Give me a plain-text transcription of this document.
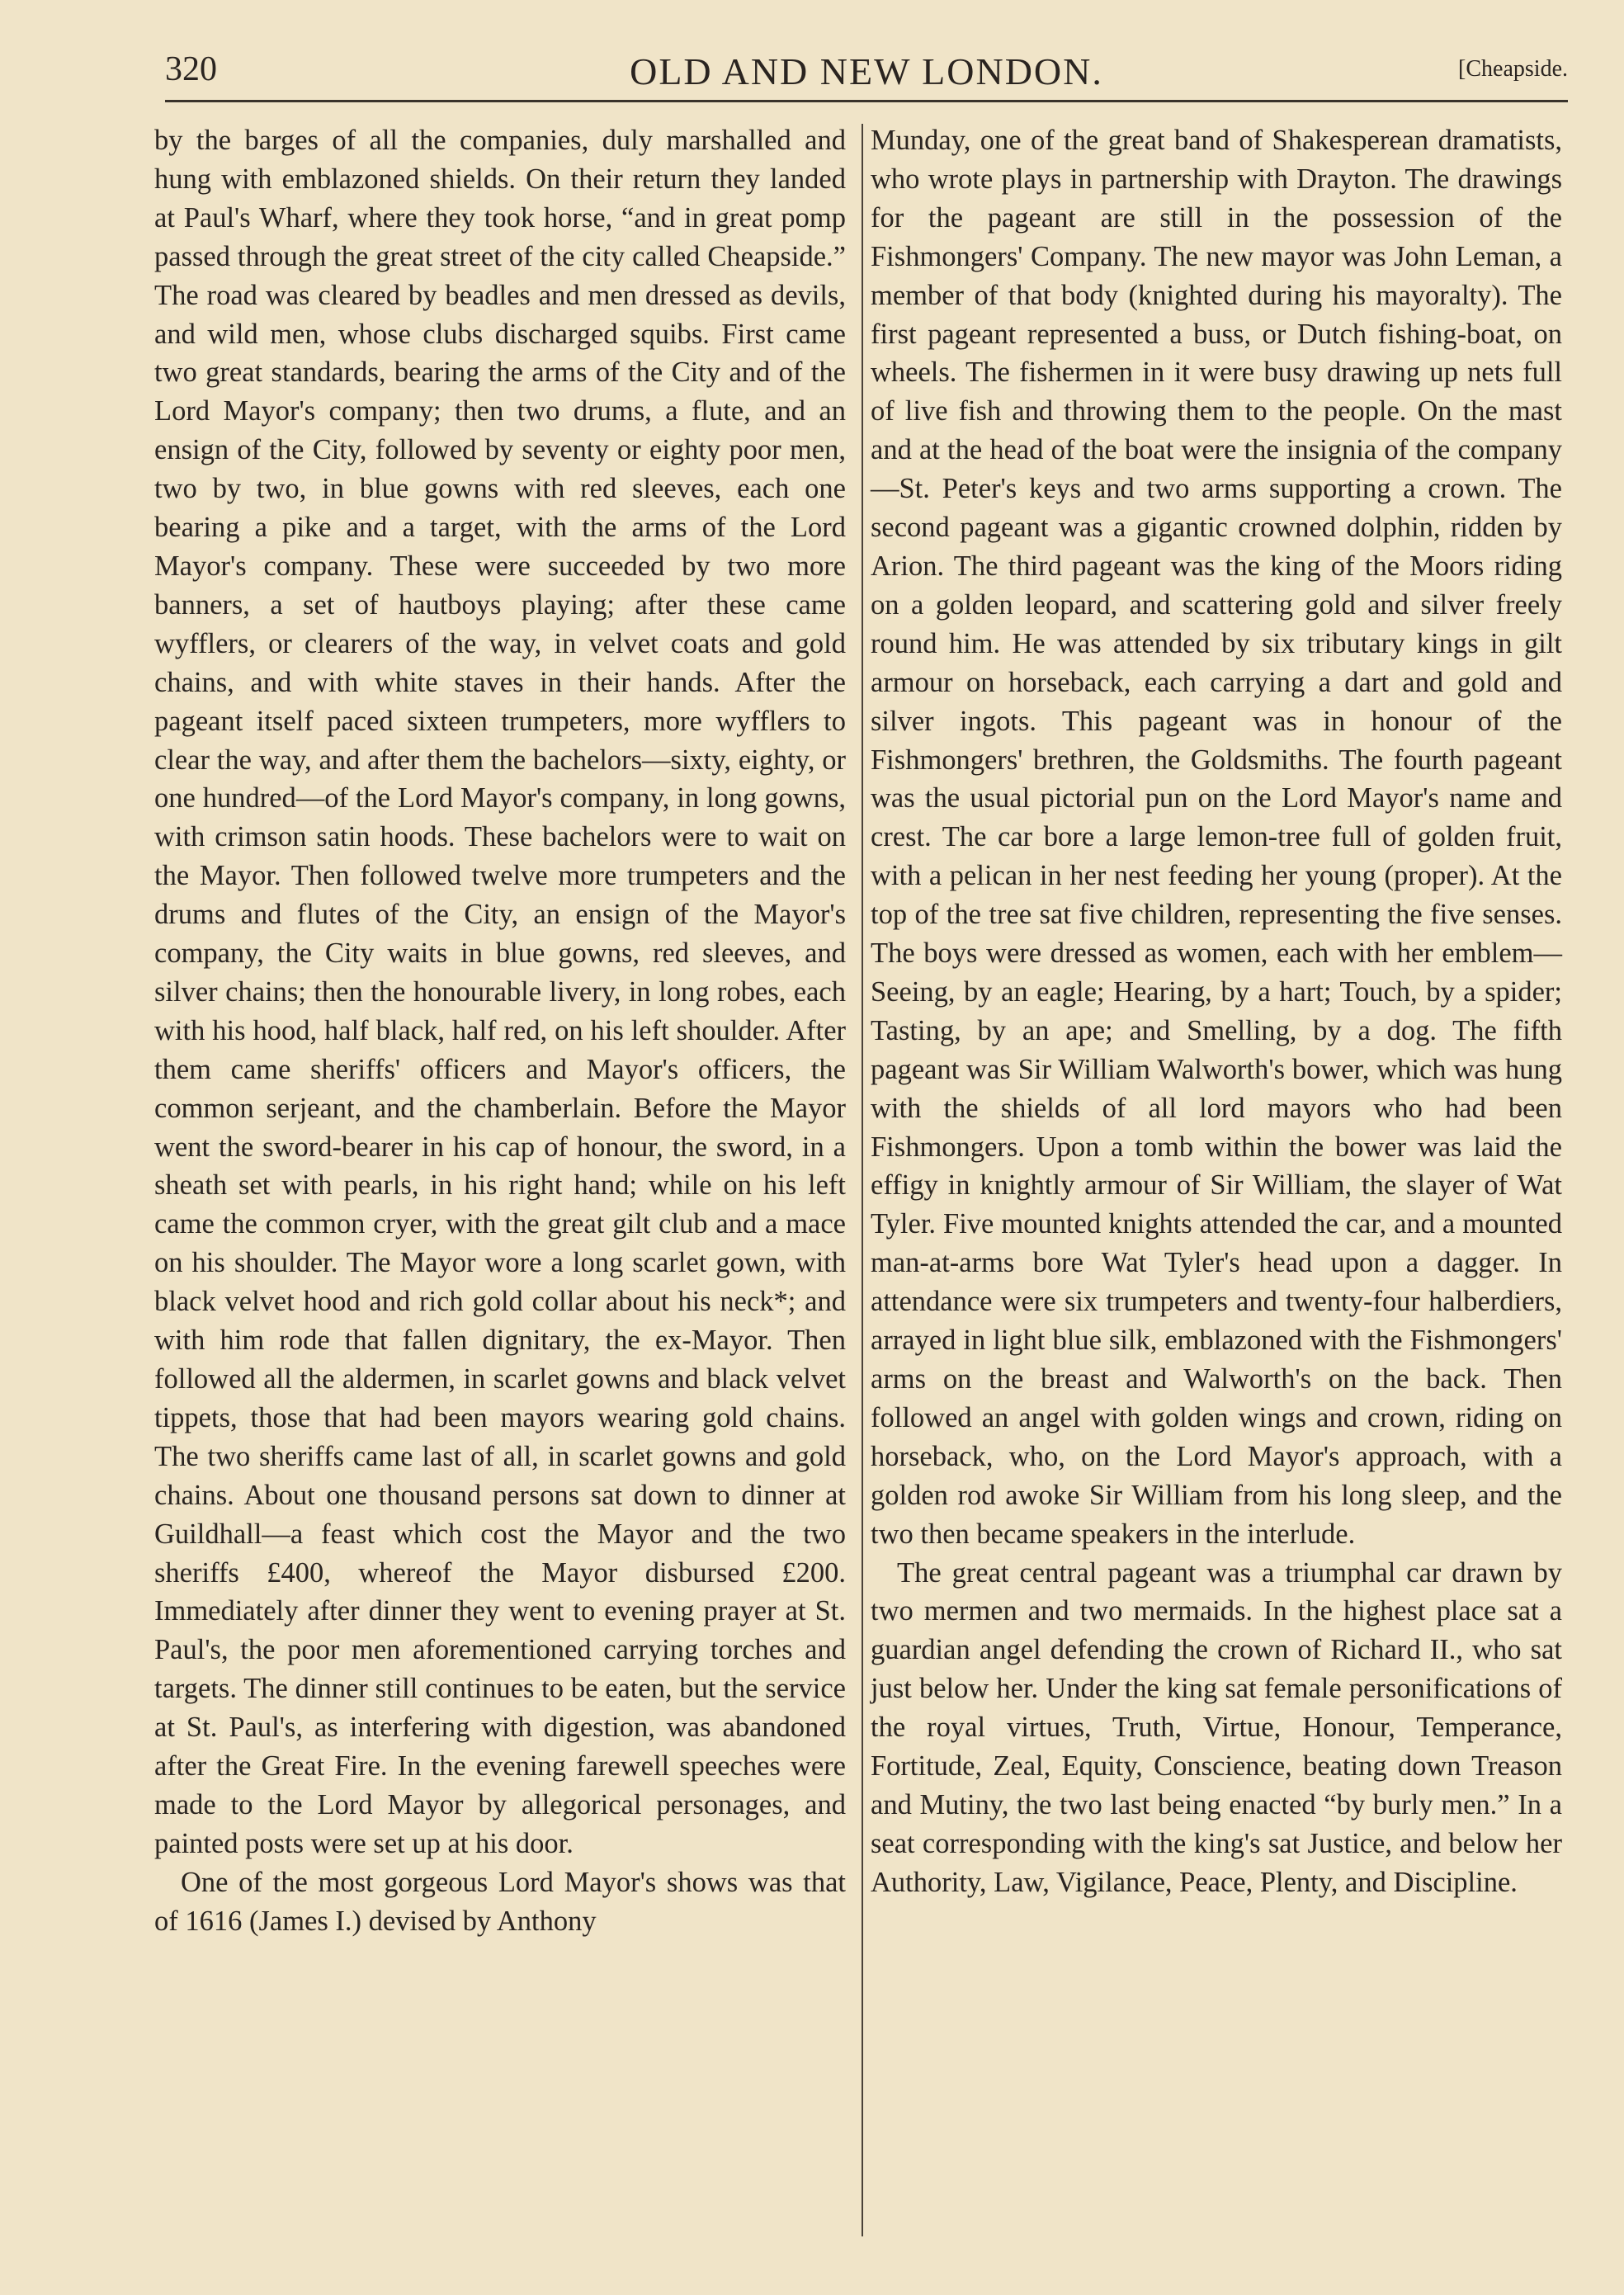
320	OLD AND NEW LONDON.	[Cheapside.

by the barges of all the companies, duly marshalled and hung with emblazoned shields. On their return they landed at Paul's Wharf, where they took horse, “and in great pomp passed through the great street of the city called Cheapside.” The road was cleared by beadles and men dressed as devils, and wild men, whose clubs discharged squibs. First came two great standards, bearing the arms of the City and of the Lord Mayor's company; then two drums, a flute, and an ensign of the City, followed by seventy or eighty poor men, two by two, in blue gowns with red sleeves, each one bearing a pike and a target, with the arms of the Lord Mayor's company. These were succeeded by two more banners, a set of hautboys playing; after these came wyfflers, or clearers of the way, in velvet coats and gold chains, and with white staves in their hands. After the pageant itself paced sixteen trumpeters, more wyfflers to clear the way, and after them the bachelors—sixty, eighty, or one hundred—of the Lord Mayor's company, in long gowns, with crimson satin hoods. These bachelors were to wait on the Mayor. Then followed twelve more trumpeters and the drums and flutes of the City, an ensign of the Mayor's company, the City waits in blue gowns, red sleeves, and silver chains; then the honourable livery, in long robes, each with his hood, half black, half red, on his left shoulder. After them came sheriffs' officers and Mayor's officers, the common serjeant, and the chamberlain. Before the Mayor went the sword-bearer in his cap of honour, the sword, in a sheath set with pearls, in his right hand; while on his left came the common cryer, with the great gilt club and a mace on his shoulder. The Mayor wore a long scarlet gown, with black velvet hood and rich gold collar about his neck*; and with him rode that fallen dignitary, the ex-Mayor. Then followed all the aldermen, in scarlet gowns and black velvet tippets, those that had been mayors wearing gold chains. The two sheriffs came last of all, in scarlet gowns and gold chains. About one thousand persons sat down to dinner at Guildhall—a feast which cost the Mayor and the two sheriffs £400, whereof the Mayor disbursed £200. Immediately after dinner they went to evening prayer at St. Paul's, the poor men aforementioned carrying torches and targets. The dinner still continues to be eaten, but the service at St. Paul's, as interfering with digestion, was abandoned after the Great Fire. In the evening farewell speeches were made to the Lord Mayor by allegorical personages, and painted posts were set up at his door.

One of the most gorgeous Lord Mayor's shows was that of 1616 (James I.) devised by Anthony

Munday, one of the great band of Shakesperean dramatists, who wrote plays in partnership with Drayton. The drawings for the pageant are still in the possession of the Fishmongers' Company. The new mayor was John Leman, a member of that body (knighted during his mayoralty). The first pageant represented a buss, or Dutch fishing-boat, on wheels. The fishermen in it were busy drawing up nets full of live fish and throwing them to the people. On the mast and at the head of the boat were the insignia of the company—St. Peter's keys and two arms supporting a crown. The second pageant was a gigantic crowned dolphin, ridden by Arion. The third pageant was the king of the Moors riding on a golden leopard, and scattering gold and silver freely round him. He was attended by six tributary kings in gilt armour on horseback, each carrying a dart and gold and silver ingots. This pageant was in honour of the Fishmongers' brethren, the Goldsmiths. The fourth pageant was the usual pictorial pun on the Lord Mayor's name and crest. The car bore a large lemon-tree full of golden fruit, with a pelican in her nest feeding her young (proper). At the top of the tree sat five children, representing the five senses. The boys were dressed as women, each with her emblem—Seeing, by an eagle; Hearing, by a hart; Touch, by a spider; Tasting, by an ape; and Smelling, by a dog. The fifth pageant was Sir William Walworth's bower, which was hung with the shields of all lord mayors who had been Fishmongers. Upon a tomb within the bower was laid the effigy in knightly armour of Sir William, the slayer of Wat Tyler. Five mounted knights attended the car, and a mounted man-at-arms bore Wat Tyler's head upon a dagger. In attendance were six trumpeters and twenty-four halberdiers, arrayed in light blue silk, emblazoned with the Fishmongers' arms on the breast and Walworth's on the back. Then followed an angel with golden wings and crown, riding on horseback, who, on the Lord Mayor's approach, with a golden rod awoke Sir William from his long sleep, and the two then became speakers in the interlude.

The great central pageant was a triumphal car drawn by two mermen and two mermaids. In the highest place sat a guardian angel defending the crown of Richard II., who sat just below her. Under the king sat female personifications of the royal virtues, Truth, Virtue, Honour, Temperance, Fortitude, Zeal, Equity, Conscience, beating down Treason and Mutiny, the two last being enacted “by burly men.” In a seat corresponding with the king's sat Justice, and below her Authority, Law, Vigilance, Peace, Plenty, and Discipline.
